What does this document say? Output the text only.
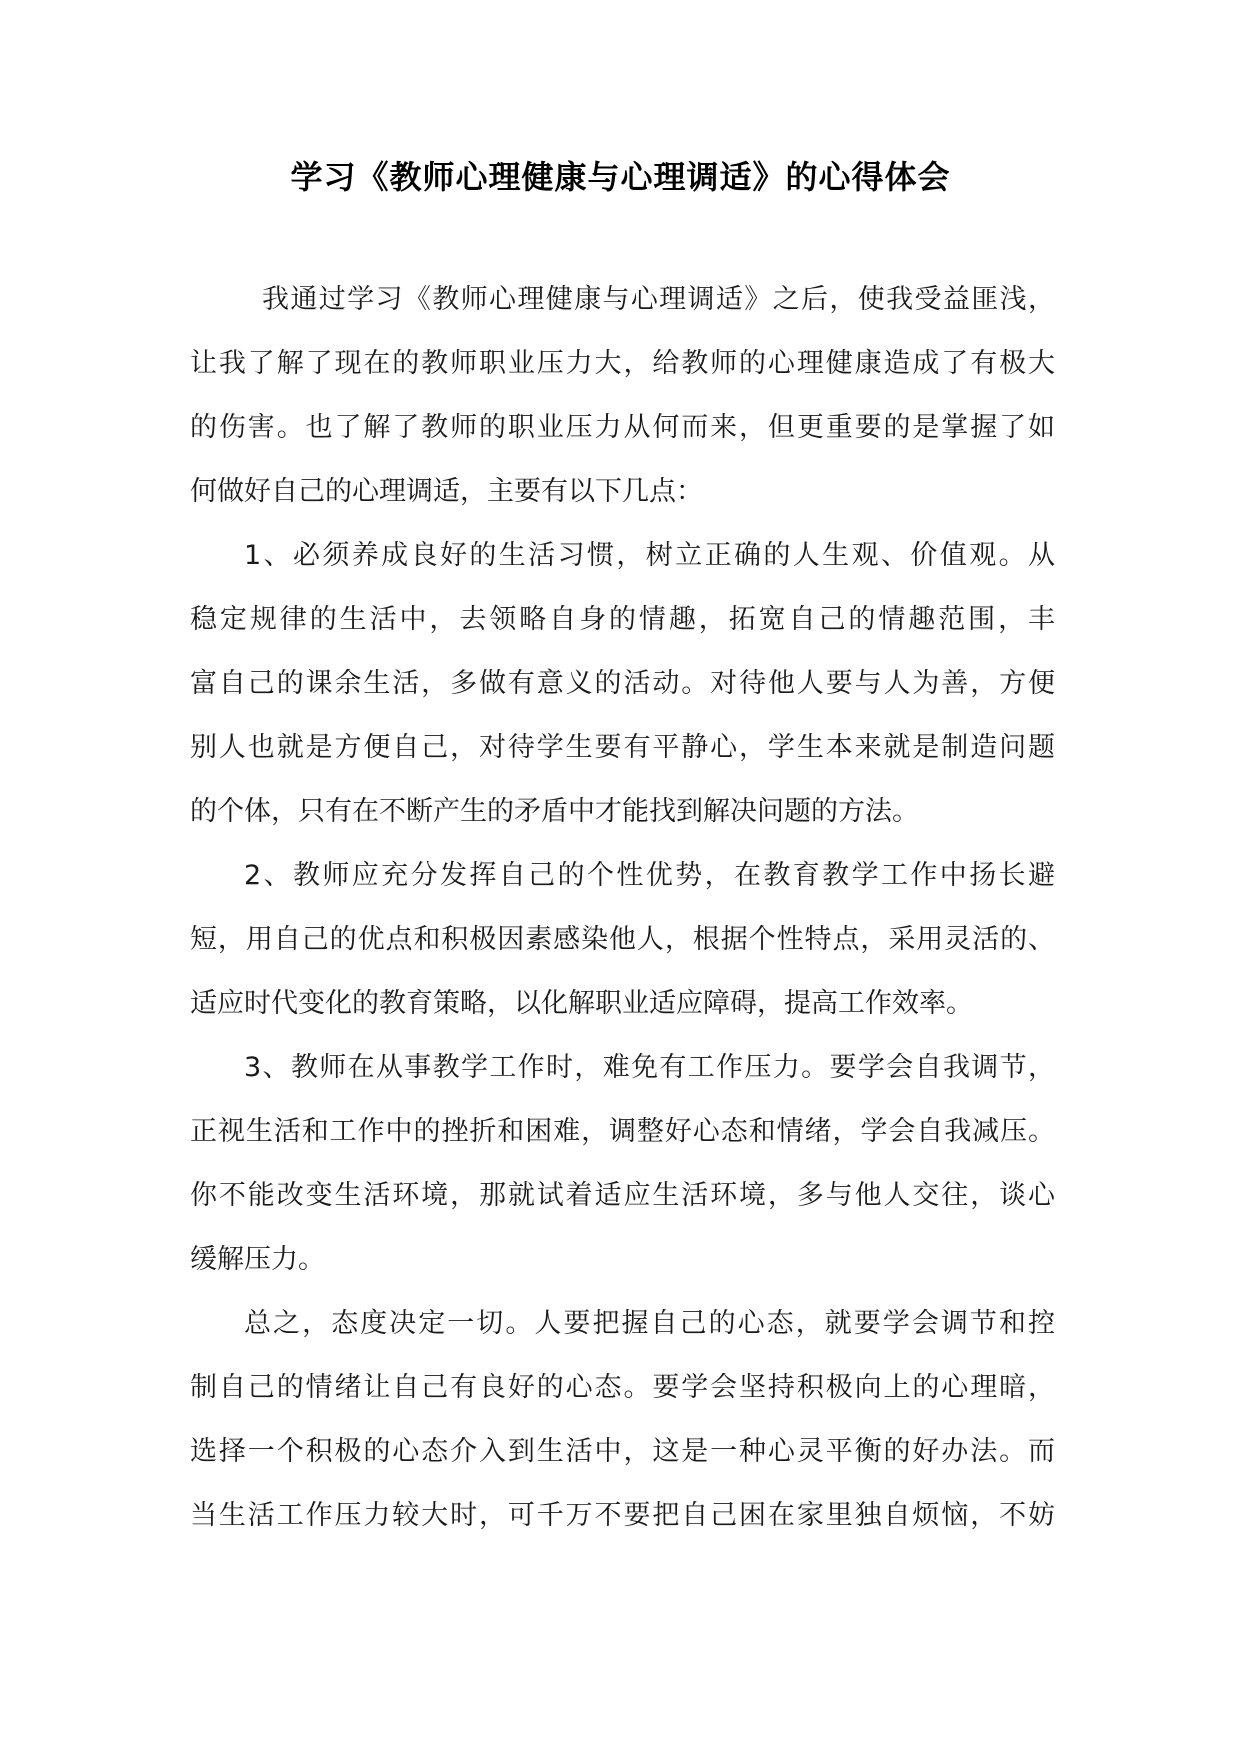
学习《教师心理健康与心理调适》的心得体会
我通过学习《教师心理健康与心理调适》之后，使我受益匪浅，
让我了解了现在的教师职业压力大，给教师的心理健康造成了有极大
的伤害。也了解了教师的职业压力从何而来，但更重要的是掌握了如
何做好自己的心理调适，主要有以下几点：
1、必须养成良好的生活习惯，树立正确的人生观、价值观。从
稳定规律的生活中，去领略自身的情趣，拓宽自己的情趣范围，丰
富自己的课余生活，多做有意义的活动。对待他人要与人为善，方便
别人也就是方便自己，对待学生要有平静心，学生本来就是制造问题
的个体，只有在不断产生的矛盾中才能找到解决问题的方法。
2、教师应充分发挥自己的个性优势，在教育教学工作中扬长避
短，用自己的优点和积极因素感染他人，根据个性特点，采用灵活的、
适应时代变化的教育策略，以化解职业适应障碍，提高工作效率。
3、教师在从事教学工作时，难免有工作压力。要学会自我调节，
正视生活和工作中的挫折和困难，调整好心态和情绪，学会自我减压。
你不能改变生活环境，那就试着适应生活环境，多与他人交往，谈心
缓解压力。
总之，态度决定一切。人要把握自己的心态，就要学会调节和控
制自己的情绪让自己有良好的心态。要学会坚持积极向上的心理暗，
选择一个积极的心态介入到生活中，这是一种心灵平衡的好办法。而
当生活工作压力较大时，可千万不要把自己困在家里独自烦恼，不妨
